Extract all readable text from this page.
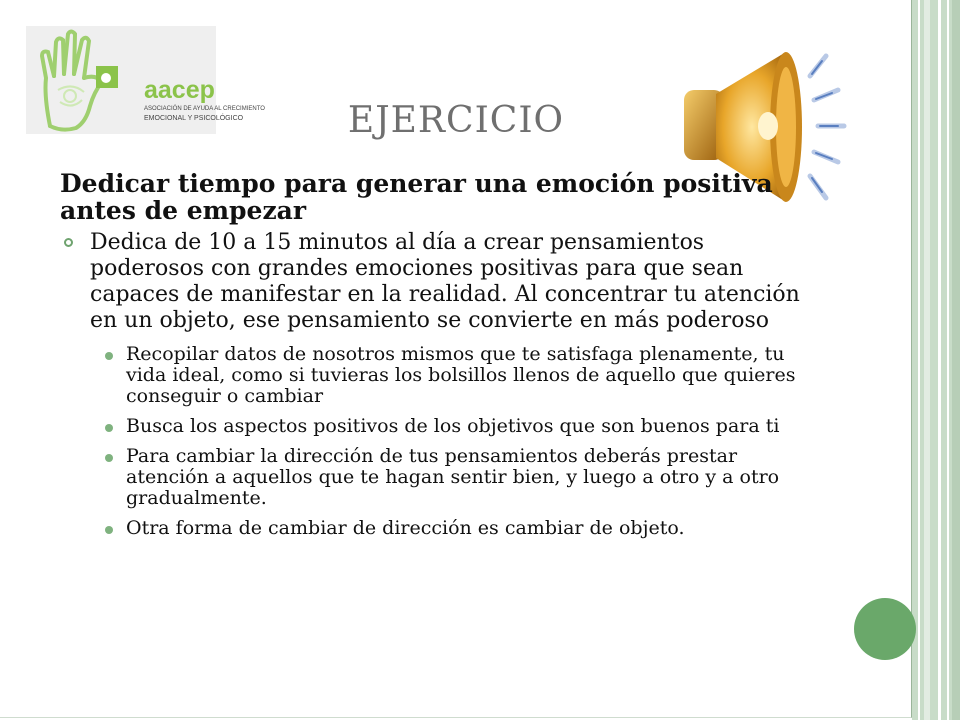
aacep
ASOCIACIÓN DE AYUDA AL CRECIMIENTO
EMOCIONAL Y PSICOLÓGICO	EJERCICIO
Dedicar tiempo para generar una emoción positiva antes de empezar
Dedica de 10 a 15 minutos al día a crear pensamientos poderosos con grandes emociones positivas para que sean capaces de manifestar en la realidad. Al concentrar tu atención en un objeto, ese pensamiento se convierte en más poderoso
Recopilar datos de nosotros mismos que te satisfaga plenamente, tu vida ideal, como si tuvieras los bolsillos llenos de aquello que quieres conseguir o cambiar
Busca los aspectos positivos de los objetivos que son buenos para ti
Para cambiar la dirección de tus pensamientos deberás prestar atención a aquellos que te hagan sentir bien, y luego a otro y a otro gradualmente.
Otra forma de cambiar de dirección es cambiar de objeto.
